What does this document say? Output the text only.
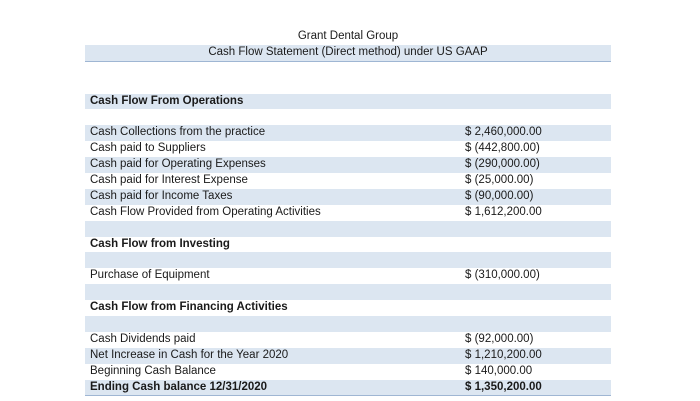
Grant Dental Group
Cash Flow Statement (Direct method) under US GAAP
Cash Flow From Operations
Cash Collections from the practice	$ 2,460,000.00
Cash paid to Suppliers	$ (442,800.00)
Cash paid for Operating Expenses	$ (290,000.00)
Cash paid for Interest Expense	$ (25,000.00)
Cash paid for Income Taxes	$ (90,000.00)
Cash Flow Provided from Operating Activities	$ 1,612,200.00
Cash Flow from Investing
Purchase of Equipment	$ (310,000.00)
Cash Flow from Financing Activities
Cash Dividends paid	$ (92,000.00)
Net Increase in Cash for the Year 2020	$ 1,210,200.00
Beginning Cash Balance	$ 140,000.00
Ending Cash balance 12/31/2020	$ 1,350,200.00
